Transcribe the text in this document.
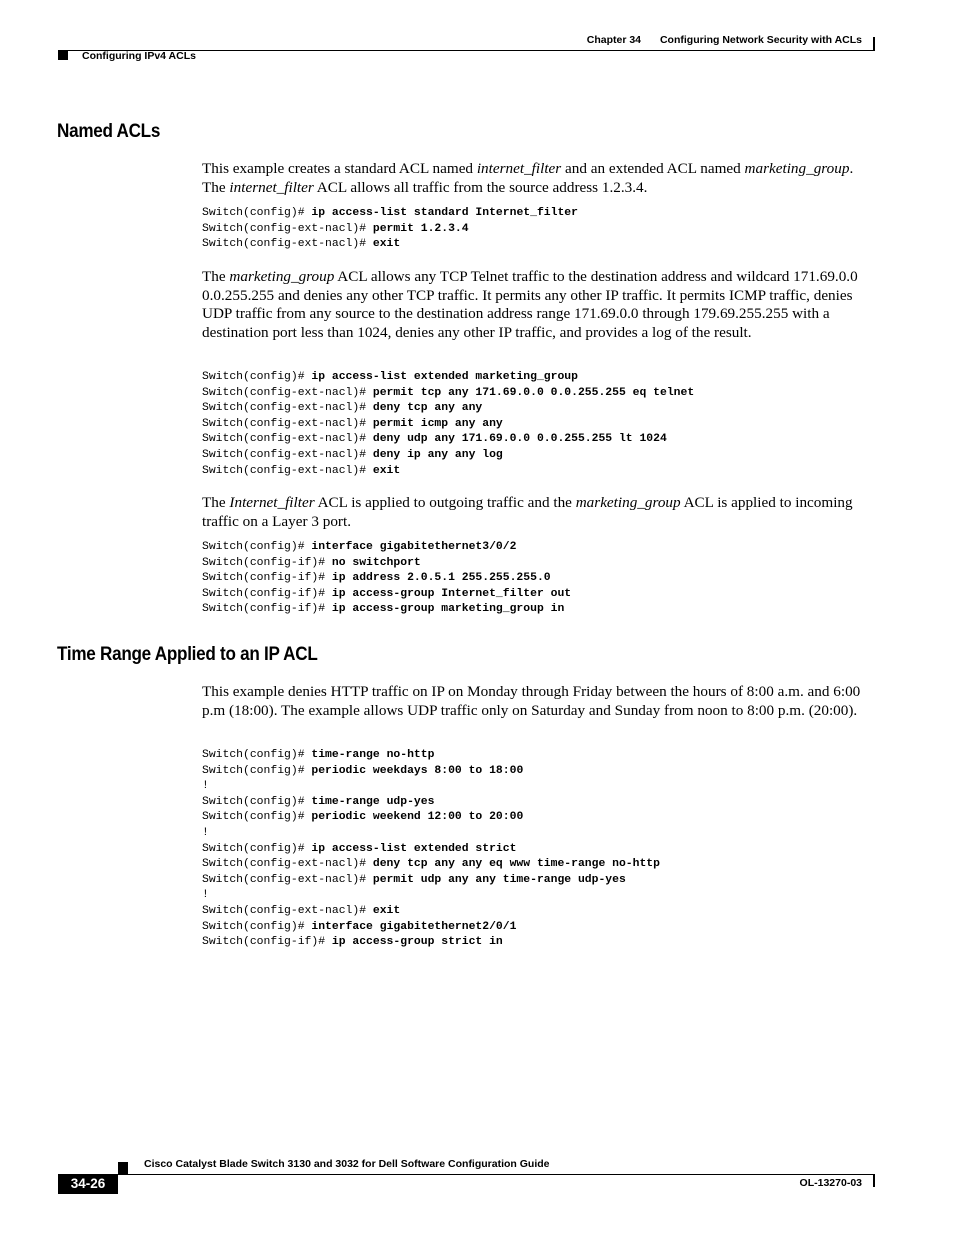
Chapter 34 Configuring Network Security with ACLs
Configuring IPv4 ACLs
Named ACLs

This example creates a standard ACL named internet_filter and an extended ACL named marketing_group. The internet_filter ACL allows all traffic from the source address 1.2.3.4.

Switch(config)# ip access-list standard Internet_filter
Switch(config-ext-nacl)# permit 1.2.3.4
Switch(config-ext-nacl)# exit

The marketing_group ACL allows any TCP Telnet traffic to the destination address and wildcard 171.69.0.0 0.0.255.255 and denies any other TCP traffic. It permits any other IP traffic. It permits ICMP traffic, denies UDP traffic from any source to the destination address range 171.69.0.0 through 179.69.255.255 with a destination port less than 1024, denies any other IP traffic, and provides a log of the result.

Switch(config)# ip access-list extended marketing_group
Switch(config-ext-nacl)# permit tcp any 171.69.0.0 0.0.255.255 eq telnet
Switch(config-ext-nacl)# deny tcp any any
Switch(config-ext-nacl)# permit icmp any any
Switch(config-ext-nacl)# deny udp any 171.69.0.0 0.0.255.255 lt 1024
Switch(config-ext-nacl)# deny ip any any log
Switch(config-ext-nacl)# exit

The Internet_filter ACL is applied to outgoing traffic and the marketing_group ACL is applied to incoming traffic on a Layer 3 port.

Switch(config)# interface gigabitethernet3/0/2
Switch(config-if)# no switchport
Switch(config-if)# ip address 2.0.5.1 255.255.255.0
Switch(config-if)# ip access-group Internet_filter out
Switch(config-if)# ip access-group marketing_group in
Time Range Applied to an IP ACL

This example denies HTTP traffic on IP on Monday through Friday between the hours of 8:00 a.m. and 6:00 p.m (18:00). The example allows UDP traffic only on Saturday and Sunday from noon to 8:00 p.m. (20:00).

Switch(config)# time-range no-http
Switch(config)# periodic weekdays 8:00 to 18:00
!
Switch(config)# time-range udp-yes
Switch(config)# periodic weekend 12:00 to 20:00
!
Switch(config)# ip access-list extended strict
Switch(config-ext-nacl)# deny tcp any any eq www time-range no-http
Switch(config-ext-nacl)# permit udp any any time-range udp-yes
!
Switch(config-ext-nacl)# exit
Switch(config)# interface gigabitethernet2/0/1
Switch(config-if)# ip access-group strict in
Cisco Catalyst Blade Switch 3130 and 3032 for Dell Software Configuration Guide
34-26	OL-13270-03
